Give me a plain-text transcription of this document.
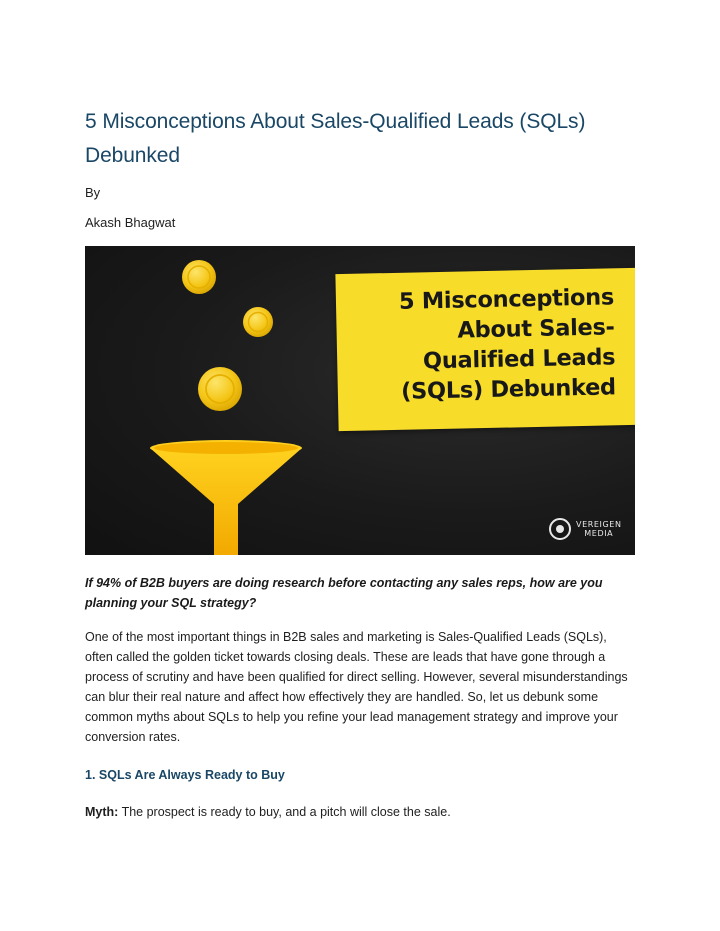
5 Misconceptions About Sales-Qualified Leads (SQLs) Debunked
By
Akash Bhagwat
5 Misconceptions
About Sales-
Qualified Leads
(SQLs) Debunked
VEREIGEN
MEDIA
If 94% of B2B buyers are doing research before contacting any sales reps, how are you planning your SQL strategy?
One of the most important things in B2B sales and marketing is Sales-Qualified Leads (SQLs), often called the golden ticket towards closing deals. These are leads that have gone through a process of scrutiny and have been qualified for direct selling. However, several misunderstandings can blur their real nature and affect how effectively they are handled. So, let us debunk some common myths about SQLs to help you refine your lead management strategy and improve your conversion rates.
1. SQLs Are Always Ready to Buy
Myth: The prospect is ready to buy, and a pitch will close the sale.
